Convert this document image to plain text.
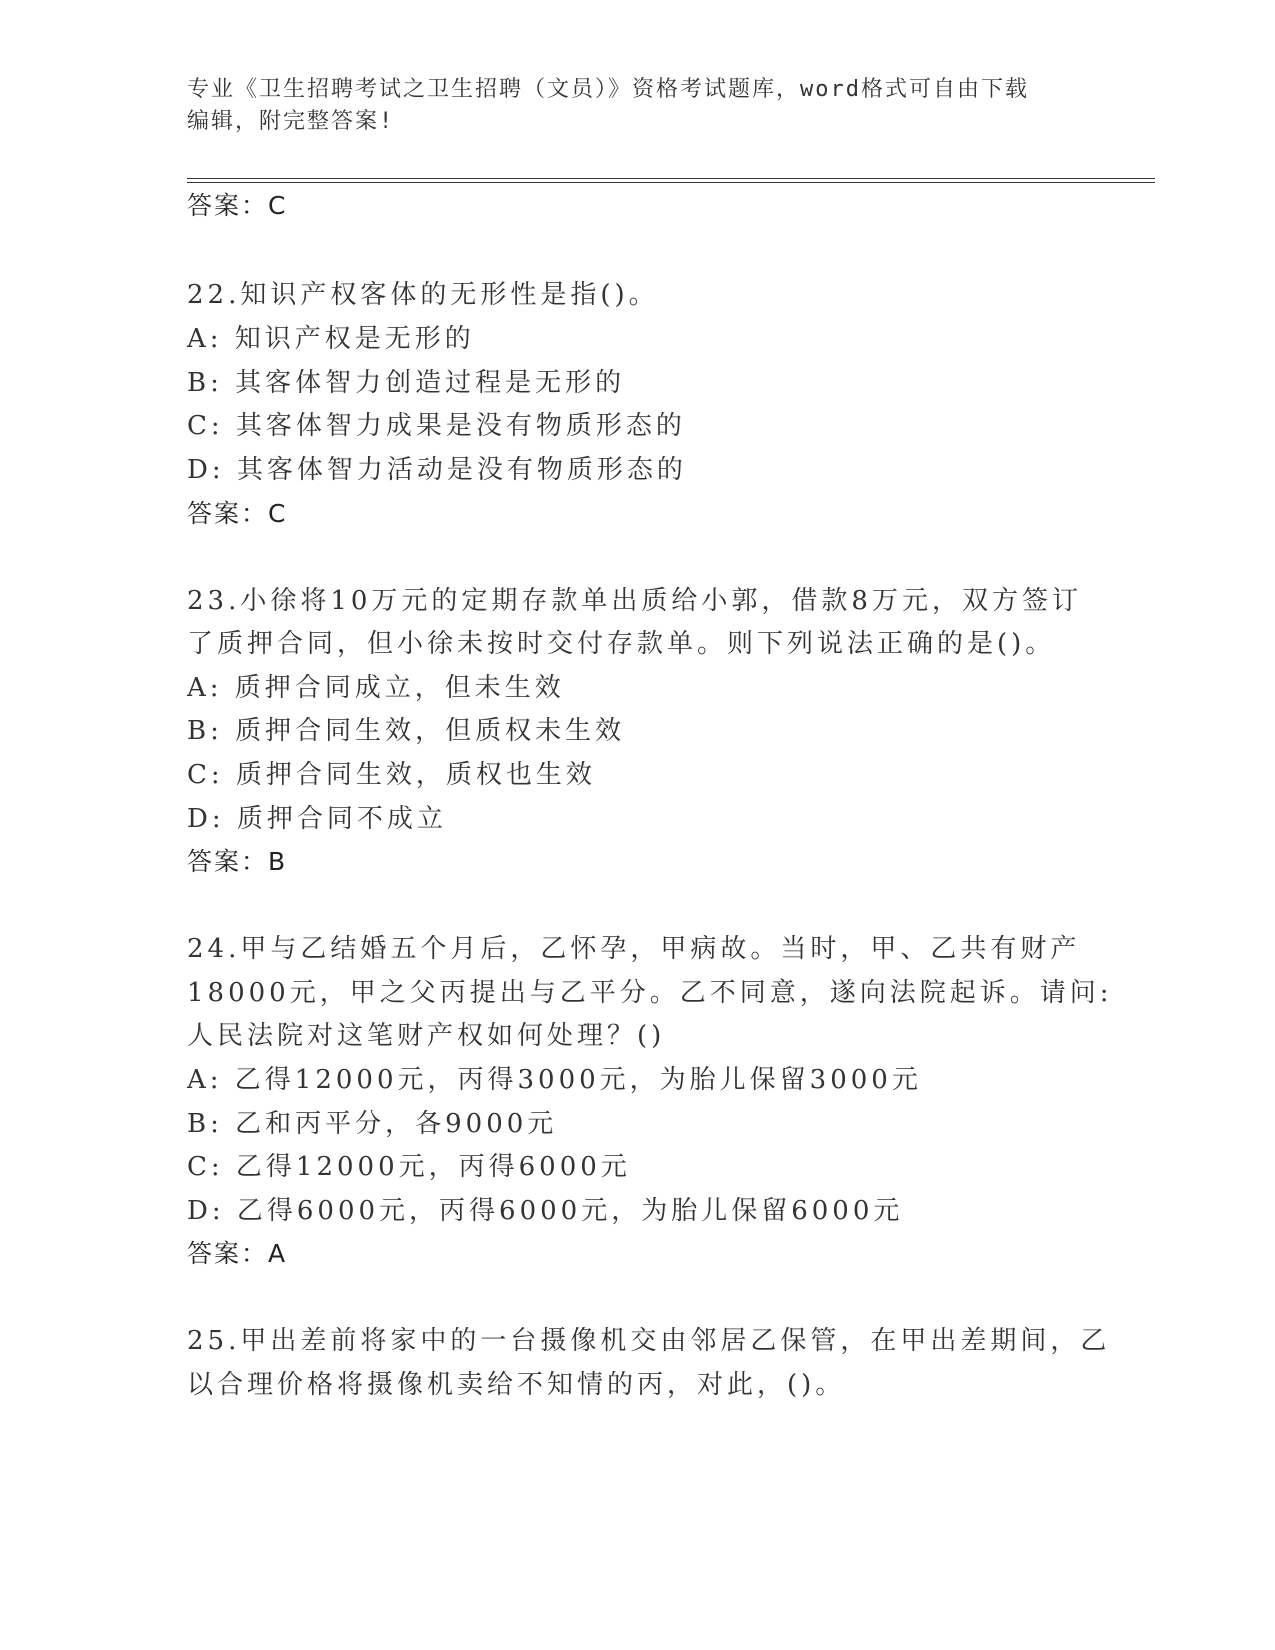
专业《卫生招聘考试之卫生招聘（文员）》资格考试题库，word格式可自由下载
编辑，附完整答案!
答案：C
22.知识产权客体的无形性是指()。
A: 知识产权是无形的
B: 其客体智力创造过程是无形的
C: 其客体智力成果是没有物质形态的
D: 其客体智力活动是没有物质形态的
答案：C
23.小徐将10万元的定期存款单出质给小郭，借款8万元，双方签订
了质押合同，但小徐未按时交付存款单。则下列说法正确的是()。
A: 质押合同成立，但未生效
B: 质押合同生效，但质权未生效
C: 质押合同生效，质权也生效
D: 质押合同不成立
答案：B
24.甲与乙结婚五个月后，乙怀孕，甲病故。当时，甲、乙共有财产
18000元，甲之父丙提出与乙平分。乙不同意，遂向法院起诉。请问:
人民法院对这笔财产权如何处理？()
A: 乙得12000元，丙得3000元，为胎儿保留3000元
B: 乙和丙平分，各9000元
C: 乙得12000元，丙得6000元
D: 乙得6000元，丙得6000元，为胎儿保留6000元
答案：A
25.甲出差前将家中的一台摄像机交由邻居乙保管，在甲出差期间，乙
以合理价格将摄像机卖给不知情的丙，对此，()。
